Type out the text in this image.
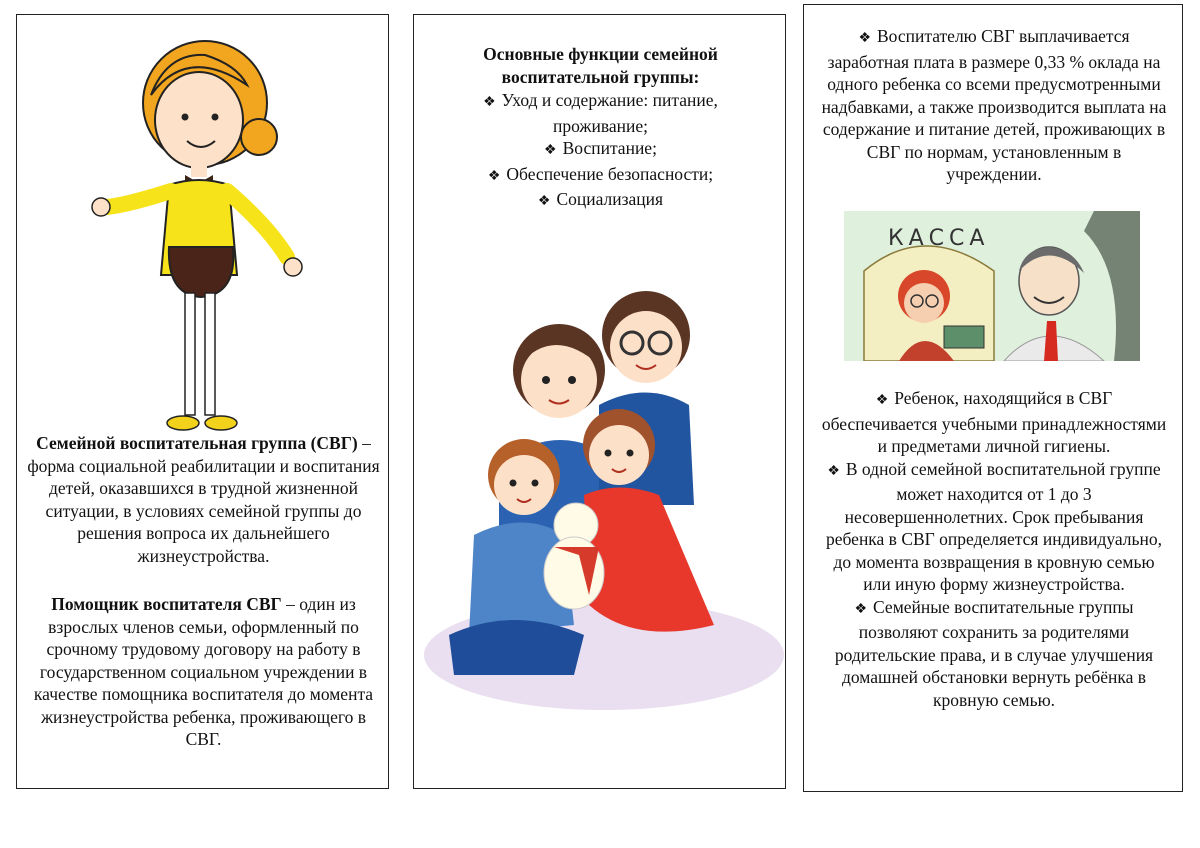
Семейной воспитательная группа (СВГ) – форма социальной реабилитации и воспитания детей, оказавшихся в трудной жизненной ситуации, в условиях семейной группы до решения вопроса их дальнейшего жизнеустройства.
Помощник воспитателя СВГ – один из взрослых членов семьи, оформленный по срочному трудовому договору на работу в государственном социальном учреждении в качестве помощника воспитателя до момента жизнеустройства ребенка, проживающего в СВГ.
Основные функции семейной воспитательной группы:
❖ Уход и содержание: питание, проживание;
❖ Воспитание;
❖ Обеспечение безопасности;
❖ Социализация
❖ Воспитателю СВГ выплачивается заработная плата в размере 0,33 % оклада на одного ребенка со всеми предусмотренными надбавками, а также производится выплата на содержание и питание детей, проживающих в СВГ по нормам, установленным в учреждении.
КАССА
❖ Ребенок, находящийся в СВГ обеспечивается учебными принадлежностями и предметами личной гигиены.
❖ В одной семейной воспитательной группе может находится от 1 до 3 несовершеннолетних. Срок пребывания ребенка в СВГ определяется индивидуально, до момента возвращения в кровную семью или иную форму жизнеустройства.
❖ Семейные воспитательные группы позволяют сохранить за родителями родительские права, и в случае улучшения домашней обстановки вернуть ребёнка в кровную семью.
